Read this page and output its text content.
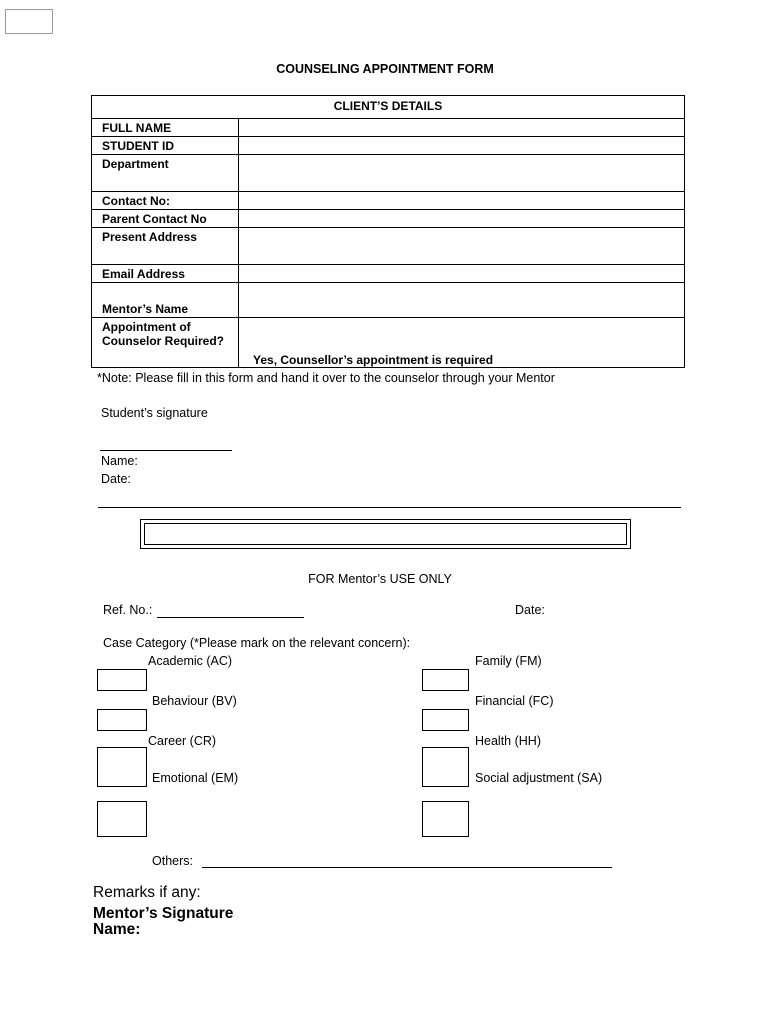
COUNSELING APPOINTMENT FORM
CLIENT’S DETAILS	
FULL NAME	
STUDENT ID	
Department	
Contact No:	
Parent Contact No	
Present Address	
Email Address	
Mentor’s Name	
Appointment of Counselor Required?	Yes, Counsellor’s appointment is required
*Note: Please fill in this form and hand it over to the counselor through your Mentor
Student’s signature
Name:
Date:
FOR Mentor’s USE ONLY
Ref. No.:	Date:
Case Category (*Please mark on the relevant concern):
Academic (AC)	Family (FM)
Behaviour (BV)	Financial (FC)
Career (CR)	Health (HH)
Emotional (EM)	Social adjustment (SA)
Others:
Remarks if any:
Mentor’s Signature
Name:
